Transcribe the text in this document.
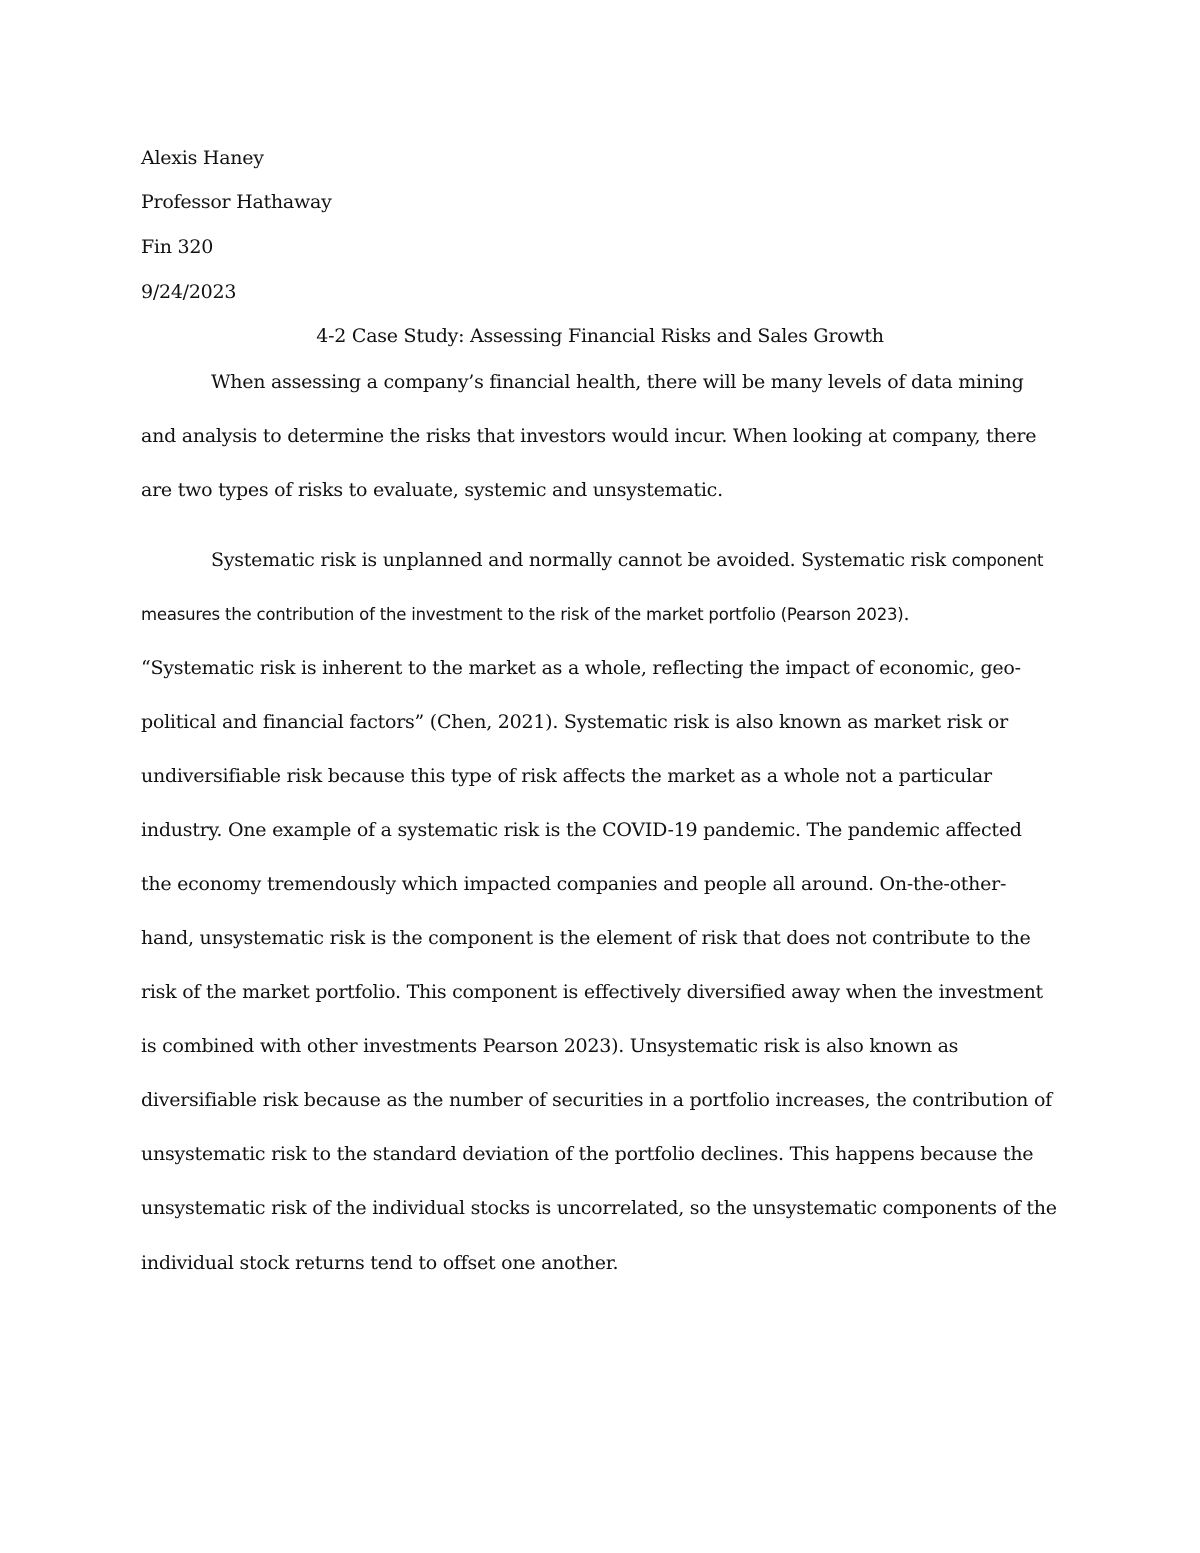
Alexis Haney
Professor Hathaway
Fin 320
9/24/2023
4-2 Case Study: Assessing Financial Risks and Sales Growth
When assessing a company’s financial health, there will be many levels of data mining
and analysis to determine the risks that investors would incur. When looking at company, there
are two types of risks to evaluate, systemic and unsystematic.
Systematic risk is unplanned and normally cannot be avoided. Systematic risk component
measures the contribution of the investment to the risk of the market portfolio (Pearson 2023).
“Systematic risk is inherent to the market as a whole, reflecting the impact of economic, geo-
political and financial factors” (Chen, 2021). Systematic risk is also known as market risk or
undiversifiable risk because this type of risk affects the market as a whole not a particular
industry. One example of a systematic risk is the COVID-19 pandemic. The pandemic affected
the economy tremendously which impacted companies and people all around. On-the-other-
hand, unsystematic risk is the component is the element of risk that does not contribute to the
risk of the market portfolio. This component is effectively diversified away when the investment
is combined with other investments Pearson 2023). Unsystematic risk is also known as
diversifiable risk because as the number of securities in a portfolio increases, the contribution of
unsystematic risk to the standard deviation of the portfolio declines. This happens because the
unsystematic risk of the individual stocks is uncorrelated, so the unsystematic components of the
individual stock returns tend to offset one another.
